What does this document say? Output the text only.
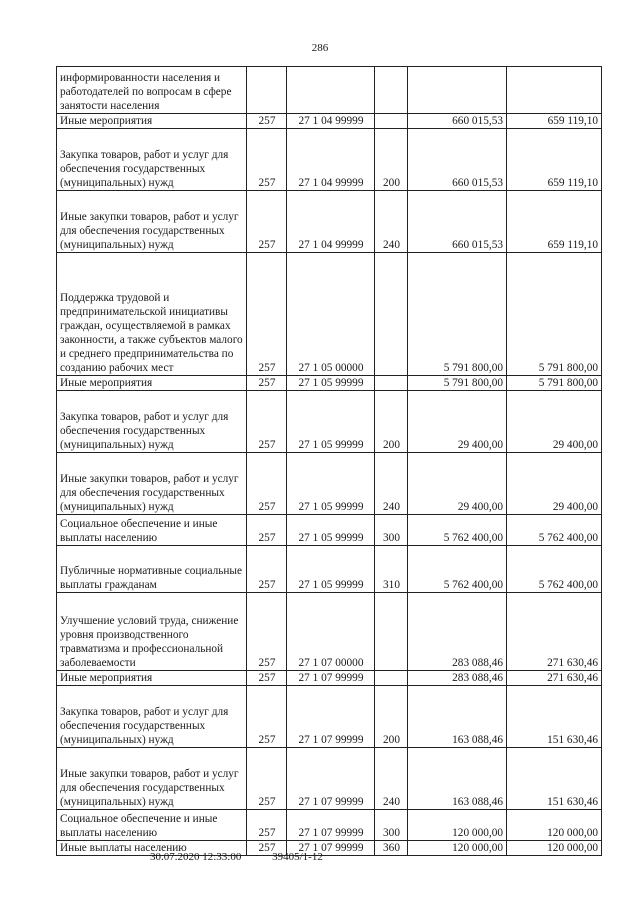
286
информированности населения и работодателей по вопросам в сфере занятости населения					
Иные мероприятия	257	27 1 04 99999		660 015,53	659 119,10
Закупка товаров, работ и услуг для обеспечения государственных (муниципальных) нужд	257	27 1 04 99999	200	660 015,53	659 119,10
Иные закупки товаров, работ и услуг для обеспечения государственных (муниципальных) нужд	257	27 1 04 99999	240	660 015,53	659 119,10
Поддержка трудовой и предпринимательской инициативы граждан, осуществляемой в рамках законности, а также субъектов малого и среднего предпринимательства по созданию рабочих мест	257	27 1 05 00000		5 791 800,00	5 791 800,00
Иные мероприятия	257	27 1 05 99999		5 791 800,00	5 791 800,00
Закупка товаров, работ и услуг для обеспечения государственных (муниципальных) нужд	257	27 1 05 99999	200	29 400,00	29 400,00
Иные закупки товаров, работ и услуг для обеспечения государственных (муниципальных) нужд	257	27 1 05 99999	240	29 400,00	29 400,00
Социальное обеспечение и иные выплаты населению	257	27 1 05 99999	300	5 762 400,00	5 762 400,00
Публичные нормативные социальные выплаты гражданам	257	27 1 05 99999	310	5 762 400,00	5 762 400,00
Улучшение условий труда, снижение уровня производственного травматизма и профессиональной заболеваемости	257	27 1 07 00000		283 088,46	271 630,46
Иные мероприятия	257	27 1 07 99999		283 088,46	271 630,46
Закупка товаров, работ и услуг для обеспечения государственных (муниципальных) нужд	257	27 1 07 99999	200	163 088,46	151 630,46
Иные закупки товаров, работ и услуг для обеспечения государственных (муниципальных) нужд	257	27 1 07 99999	240	163 088,46	151 630,46
Социальное обеспечение и иные выплаты населению	257	27 1 07 99999	300	120 000,00	120 000,00
Иные выплаты населению	257	27 1 07 99999	360	120 000,00	120 000,00
30.07.2020 12:33:00	39405/1-12
